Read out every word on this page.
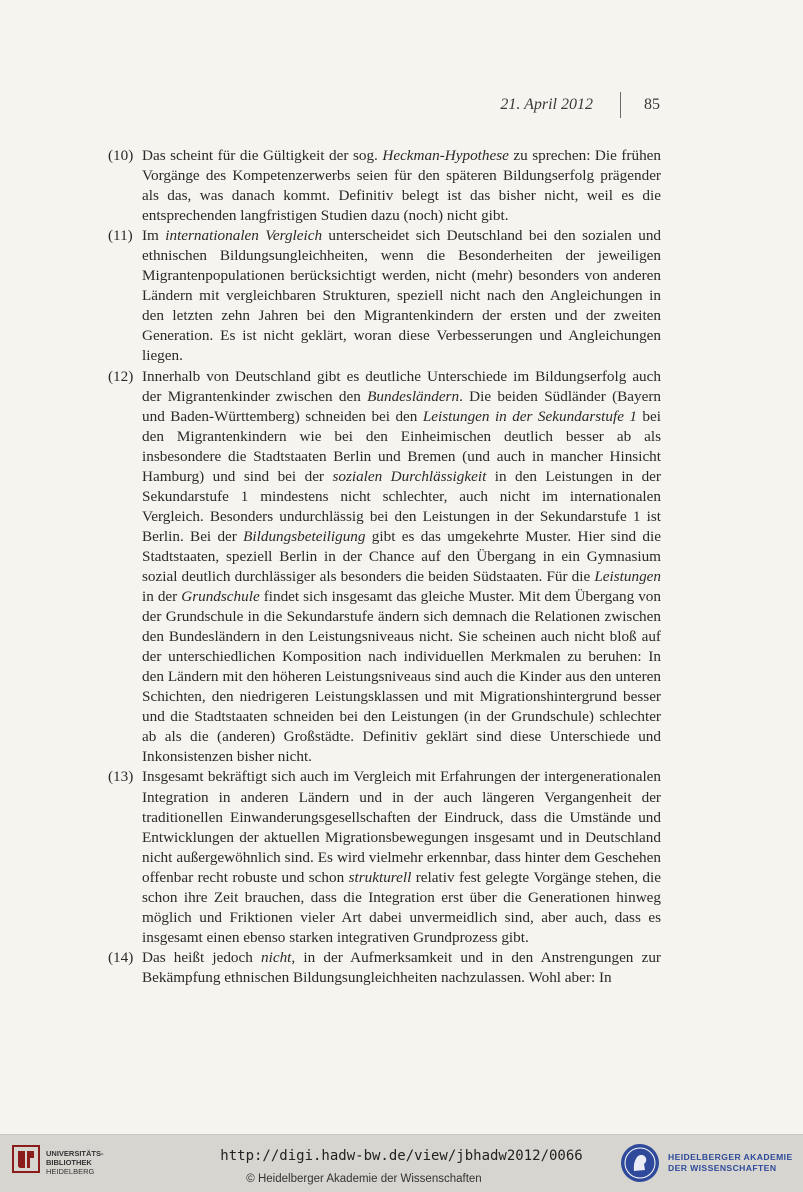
21. April 2012	85
(10) Das scheint für die Gültigkeit der sog. Heckman-Hypothese zu sprechen: Die frühen Vorgänge des Kompetenzerwerbs seien für den späteren Bildungserfolg prägender als das, was danach kommt. Definitiv belegt ist das bisher nicht, weil es die entsprechenden langfristigen Studien dazu (noch) nicht gibt.
(11) Im internationalen Vergleich unterscheidet sich Deutschland bei den sozialen und ethnischen Bildungsungleichheiten, wenn die Besonderheiten der jeweiligen Migrantenpopulationen berücksichtigt werden, nicht (mehr) besonders von anderen Ländern mit vergleichbaren Strukturen, speziell nicht nach den Angleichungen in den letzten zehn Jahren bei den Migrantenkindern der ersten und der zweiten Generation. Es ist nicht geklärt, woran diese Verbesserungen und Angleichungen liegen.
(12) Innerhalb von Deutschland gibt es deutliche Unterschiede im Bildungserfolg auch der Migrantenkinder zwischen den Bundesländern. Die beiden Südländer (Bayern und Baden-Württemberg) schneiden bei den Leistungen in der Sekundarstufe 1 bei den Migrantenkindern wie bei den Einheimischen deutlich besser ab als insbesondere die Stadtstaaten Berlin und Bremen (und auch in mancher Hinsicht Hamburg) und sind bei der sozialen Durchlässigkeit in den Leistungen in der Sekundarstufe 1 mindestens nicht schlechter, auch nicht im internationalen Vergleich. Besonders undurchlässig bei den Leistungen in der Sekundarstufe 1 ist Berlin. Bei der Bildungsbeteiligung gibt es das umgekehrte Muster. Hier sind die Stadtstaaten, speziell Berlin in der Chance auf den Übergang in ein Gymnasium sozial deutlich durchlässiger als besonders die beiden Südstaaten. Für die Leistungen in der Grundschule findet sich insgesamt das gleiche Muster. Mit dem Übergang von der Grundschule in die Sekundarstufe ändern sich demnach die Relationen zwischen den Bundesländern in den Leistungsniveaus nicht. Sie scheinen auch nicht bloß auf der unterschiedlichen Komposition nach individuellen Merkmalen zu beruhen: In den Ländern mit den höheren Leistungsniveaus sind auch die Kinder aus den unteren Schichten, den niedrigeren Leistungsklassen und mit Migrationshintergrund besser und die Stadtstaaten schneiden bei den Leistungen (in der Grundschule) schlechter ab als die (anderen) Großstädte. Definitiv geklärt sind diese Unterschiede und Inkonsistenzen bisher nicht.
(13) Insgesamt bekräftigt sich auch im Vergleich mit Erfahrungen der intergenerationalen Integration in anderen Ländern und in der auch längeren Vergangenheit der traditionellen Einwanderungsgesellschaften der Eindruck, dass die Umstände und Entwicklungen der aktuellen Migrationsbewegungen insgesamt und in Deutschland nicht außergewöhnlich sind. Es wird vielmehr erkennbar, dass hinter dem Geschehen offenbar recht robuste und schon strukturell relativ fest gelegte Vorgänge stehen, die schon ihre Zeit brauchen, dass die Integration erst über die Generationen hinweg möglich und Friktionen vieler Art dabei unvermeidlich sind, aber auch, dass es insgesamt einen ebenso starken integrativen Grundprozess gibt.
(14) Das heißt jedoch nicht, in der Aufmerksamkeit und in den Anstrengungen zur Bekämpfung ethnischen Bildungsungleichheiten nachzulassen. Wohl aber: In
UNIVERSITÄTS-
BIBLIOTHEK
HEIDELBERG
http://digi.hadw-bw.de/view/jbhadw2012/0066
© Heidelberger Akademie der Wissenschaften
HEIDELBERGER AKADEMIE
DER WISSENSCHAFTEN
